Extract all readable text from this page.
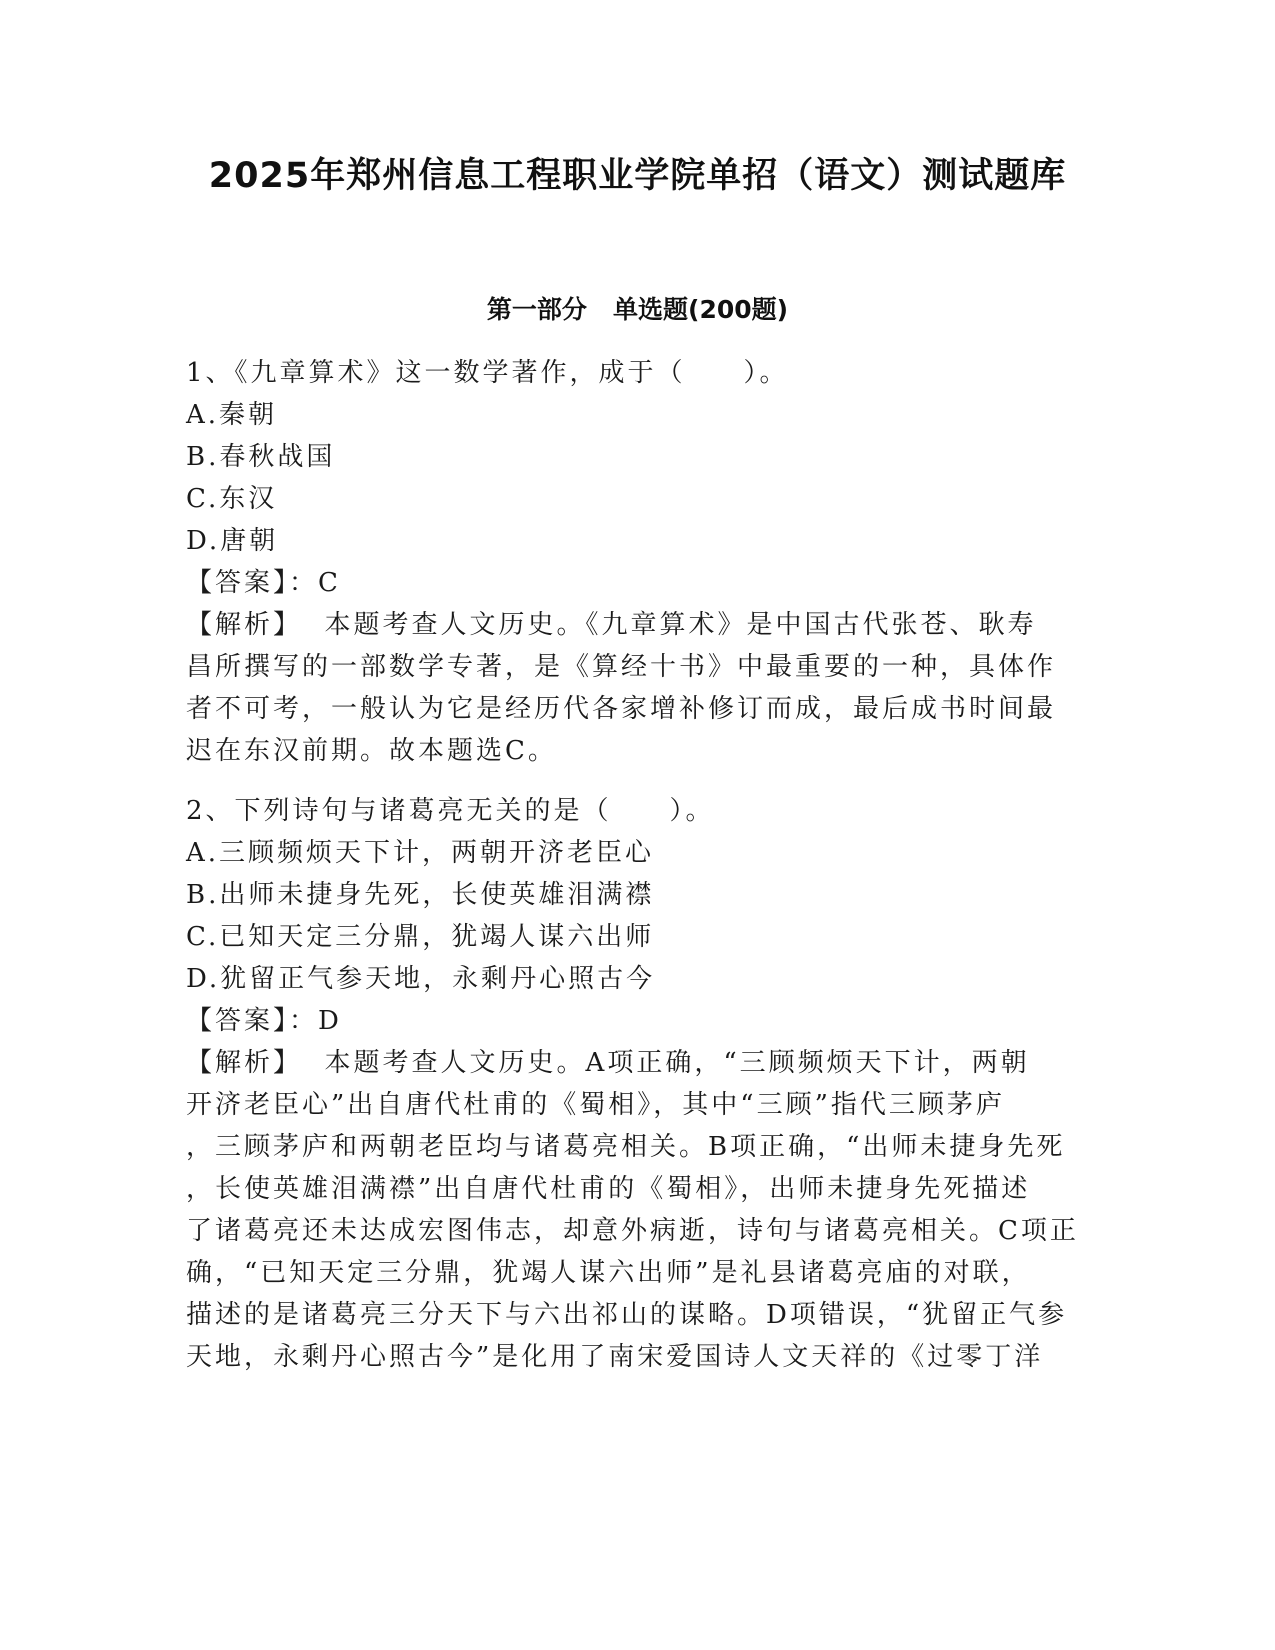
2025年郑州信息工程职业学院单招（语文）测试题库
第一部分   单选题(200题)
1、《九章算术》这一数学著作，成于（　　）。
A.秦朝
B.春秋战国
C.东汉
D.唐朝
【答案】：C
【解析】  本题考查人文历史。《九章算术》是中国古代张苍、耿寿
昌所撰写的一部数学专著，是《算经十书》中最重要的一种，具体作
者不可考，一般认为它是经历代各家增补修订而成，最后成书时间最
迟在东汉前期。故本题选C。
2、下列诗句与诸葛亮无关的是（　　）。
A.三顾频烦天下计，两朝开济老臣心
B.出师未捷身先死，长使英雄泪满襟
C.已知天定三分鼎，犹竭人谋六出师
D.犹留正气参天地，永剩丹心照古今
【答案】：D
【解析】  本题考查人文历史。A项正确，“三顾频烦天下计，两朝
开济老臣心”出自唐代杜甫的《蜀相》，其中“三顾”指代三顾茅庐
，三顾茅庐和两朝老臣均与诸葛亮相关。B项正确，“出师未捷身先死
，长使英雄泪满襟”出自唐代杜甫的《蜀相》，出师未捷身先死描述
了诸葛亮还未达成宏图伟志，却意外病逝，诗句与诸葛亮相关。C项正
确，“已知天定三分鼎，犹竭人谋六出师”是礼县诸葛亮庙的对联，
描述的是诸葛亮三分天下与六出祁山的谋略。D项错误，“犹留正气参
天地，永剩丹心照古今”是化用了南宋爱国诗人文天祥的《过零丁洋
